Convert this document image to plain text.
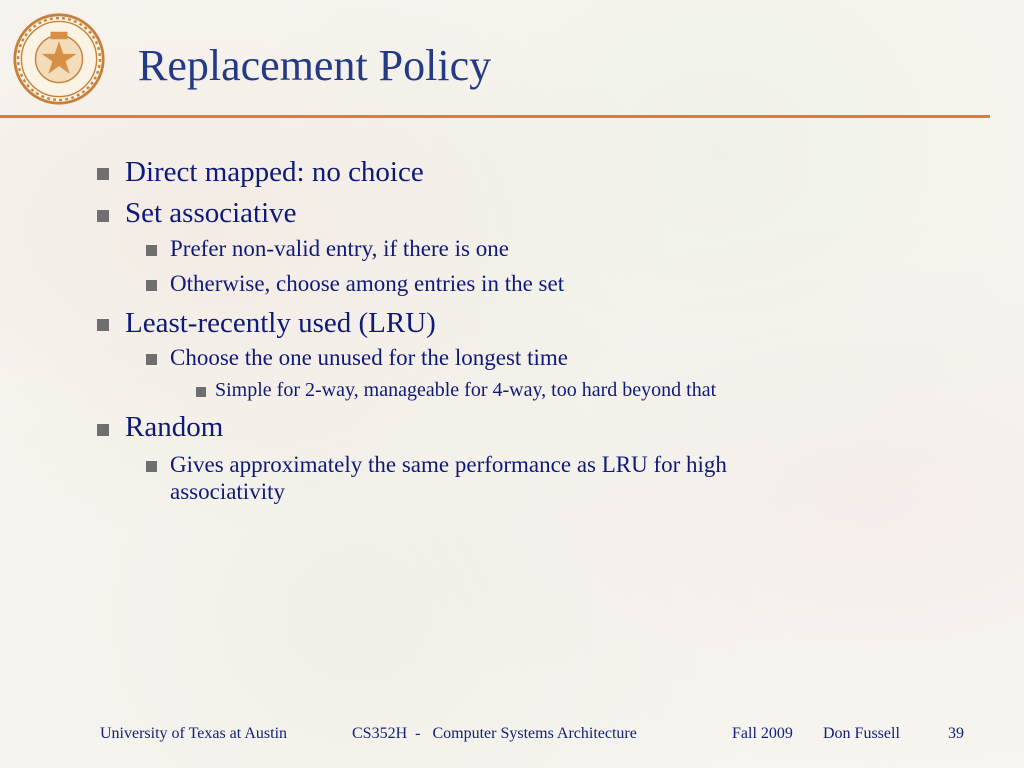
Replacement Policy
Direct mapped: no choice
Set associative
Prefer non-valid entry, if there is one
Otherwise, choose among entries in the set
Least-recently used (LRU)
Choose the one unused for the longest time
Simple for 2-way, manageable for 4-way, too hard beyond that
Random
Gives approximately the same performance as LRU for high
associativity
University of Texas at Austin	CS352H  -   Computer Systems Architecture	Fall 2009 Don Fussell	39
